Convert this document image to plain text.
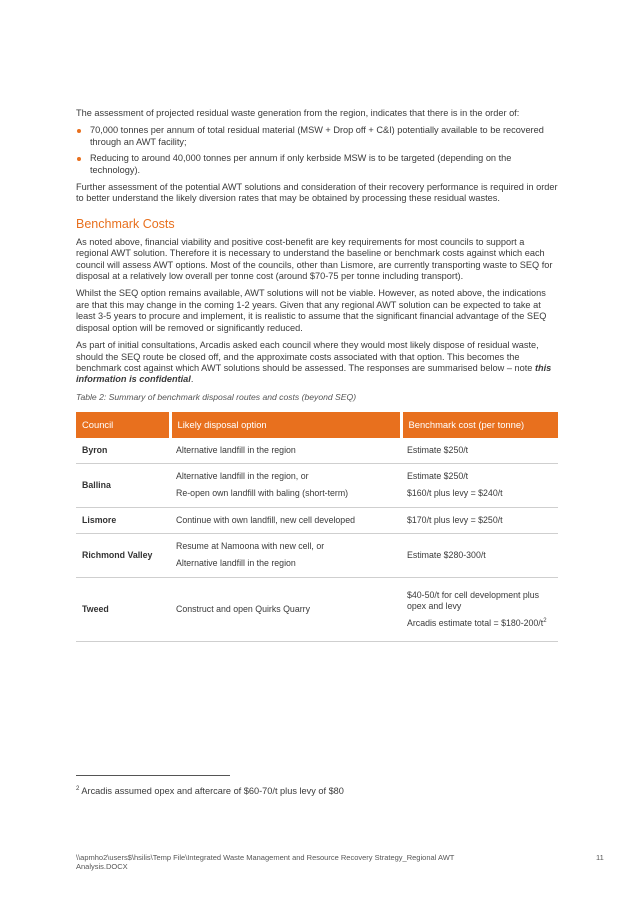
The assessment of projected residual waste generation from the region, indicates that there is in the order of:

70,000 tonnes per annum of total residual material (MSW + Drop off + C&I) potentially available to be recovered through an AWT facility;
Reducing to around 40,000 tonnes per annum if only kerbside MSW is to be targeted (depending on the technology).

Further assessment of the potential AWT solutions and consideration of their recovery performance is required in order to better understand the likely diversion rates that may be obtained by processing these residual wastes.

Benchmark Costs

As noted above, financial viability and positive cost-benefit are key requirements for most councils to support a regional AWT solution. Therefore it is necessary to understand the baseline or benchmark costs against which each council will assess AWT options. Most of the councils, other than Lismore, are currently transporting waste to SEQ for disposal at a relatively low overall per tonne cost (around $70-75 per tonne including transport).

Whilst the SEQ option remains available, AWT solutions will not be viable. However, as noted above, the indications are that this may change in the coming 1-2 years. Given that any regional AWT solution can be expected to take at least 3-5 years to procure and implement, it is realistic to assume that the significant financial advantage of the SEQ disposal option will be removed or significantly reduced.

As part of initial consultations, Arcadis asked each council where they would most likely dispose of residual waste, should the SEQ route be closed off, and the approximate costs associated with that option. This becomes the benchmark cost against which AWT solutions should be assessed. The responses are summarised below – note this information is confidential.

Table 2: Summary of benchmark disposal routes and costs (beyond SEQ)
Council	Likely disposal option	Benchmark cost (per tonne)
Byron	Alternative landfill in the region	Estimate $250/t

Ballina	Alternative landfill in the region, or
Re-open own landfill with baling (short-term)	Estimate $250/t
$160/t plus levy = $240/t

Lismore	Continue with own landfill, new cell developed	$170/t plus levy = $250/t

Richmond Valley	Resume at Namoona with new cell, or
Alternative landfill in the region	Estimate $280-300/t

Tweed	Construct and open Quirks Quarry	$40-50/t for cell development plus opex and levy
Arcadis estimate total = $\$180-200/t^2$
$^2$ Arcadis assumed opex and aftercare of $60-70/t plus levy of $80
\\apmho2\users$\hsilis\Temp File\Integrated Waste Management and Resource Recovery Strategy_Regional AWT Analysis.DOCX
11
